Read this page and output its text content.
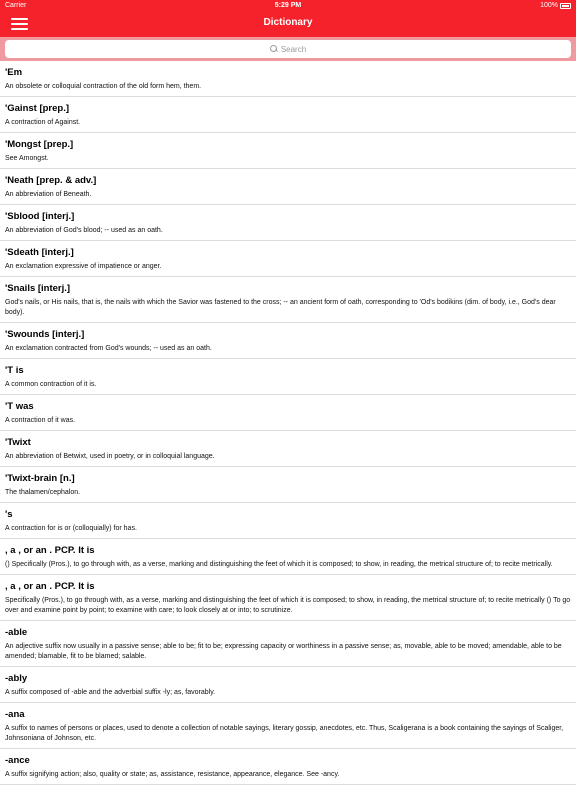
Carrier	5:29 PM	100%
Dictionary
Search
'Em
An obsolete or colloquial contraction of the old form hem, them.
'Gainst [prep.]
A contraction of Against.
'Mongst [prep.]
See Amongst.
'Neath [prep. & adv.]
An abbreviation of Beneath.
'Sblood [interj.]
An abbreviation of God's blood; -- used as an oath.
'Sdeath [interj.]
An exclamation expressive of impatience or anger.
'Snails [interj.]
God's nails, or His nails, that is, the nails with which the Savior was fastened to the cross; -- an ancient form of oath, corresponding to 'Od's bodikins (dim. of body, i.e., God's dear body).
'Swounds [interj.]
An exclamation contracted from God's wounds; -- used as an oath.
'T is
A common contraction of it is.
'T was
A contraction of it was.
'Twixt
An abbreviation of Betwixt, used in poetry, or in colloquial language.
'Twixt-brain [n.]
The thalamen/cephalon.
's
A contraction for is or (colloquially) for has.
, a , or an . PCP. It is
() Specifically (Pros.), to go through with, as a verse, marking and distinguishing the feet of which it is composed; to show, in reading, the metrical structure of; to recite metrically.
, a , or an . PCP. It is
Specifically (Pros.), to go through with, as a verse, marking and distinguishing the feet of which it is composed; to show, in reading, the metrical structure of; to recite metrically () To go over and examine point by point; to examine with care; to look closely at or into; to scrutinize.
-able
An adjective suffix now usually in a passive sense; able to be; fit to be; expressing capacity or worthiness in a passive sense; as, movable, able to be moved; amendable, able to be amended; blamable, fit to be blamed; salable.
-ably
A suffix composed of -able and the adverbial suffix -ly; as, favorably.
-ana
A suffix to names of persons or places, used to denote a collection of notable sayings, literary gossip, anecdotes, etc. Thus, Scaligerana is a book containing the sayings of Scaliger, Johnsoniana of Johnson, etc.
-ance
A suffix signifying action; also, quality or state; as, assistance, resistance, appearance, elegance. See -ancy.
